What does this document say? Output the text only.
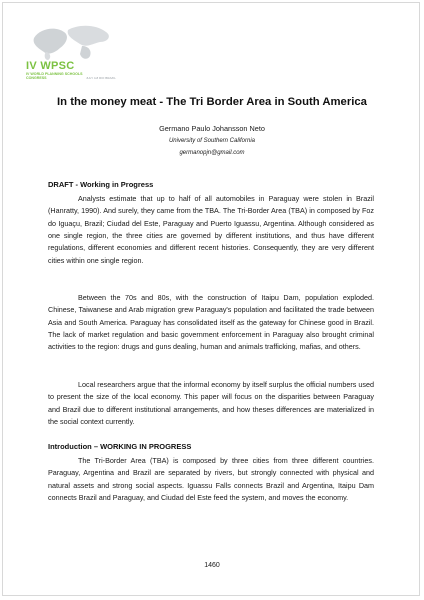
IV WPSC
IV WORLD PLANNING SCHOOLS CONGRESS	JULY 4-8 RIO BRAZIL
In the money meat - The Tri Border Area in South America
Germano Paulo Johansson Neto
University of Southern California
germanopjn@gmail.com
DRAFT - Working in Progress

Analysts estimate that up to half of all automobiles in Paraguay were stolen in Brazil (Hanratty, 1990). And surely, they came from the TBA. The Tri-Border Area (TBA) in composed by Foz do Iguaçu, Brazil; Ciudad del Este, Paraguay and Puerto Iguassu, Argentina. Although considered as one single region, the three cities are governed by different institutions, and thus have different regulations, different economies and different recent histories. Consequently, they are very different cities within one single region.

Between the 70s and 80s, with the construction of Itaipu Dam, population exploded. Chinese, Taiwanese and Arab migration grew Paraguay's population and facilitated the trade between Asia and South America. Paraguay has consolidated itself as the gateway for Chinese good in Brazil. The lack of market regulation and basic government enforcement in Paraguay also brought criminal activities to the region: drugs and guns dealing, human and animals trafficking, mafias, and others.

Local researchers argue that the informal economy by itself surplus the official numbers used to present the size of the local economy. This paper will focus on the disparities between Paraguay and Brazil due to different institutional arrangements, and how theses differences are materialized in the social context currently.

Introduction – WORKING IN PROGRESS

The Tri-Border Area (TBA) is composed by three cities from three different countries. Paraguay, Argentina and Brazil are separated by rivers, but strongly connected with physical and natural assets and strong social aspects. Iguassu Falls connects Brazil and Argentina, Itaipu Dam connects Brazil and Paraguay, and Ciudad del Este feed the system, and moves the economy.

1460
